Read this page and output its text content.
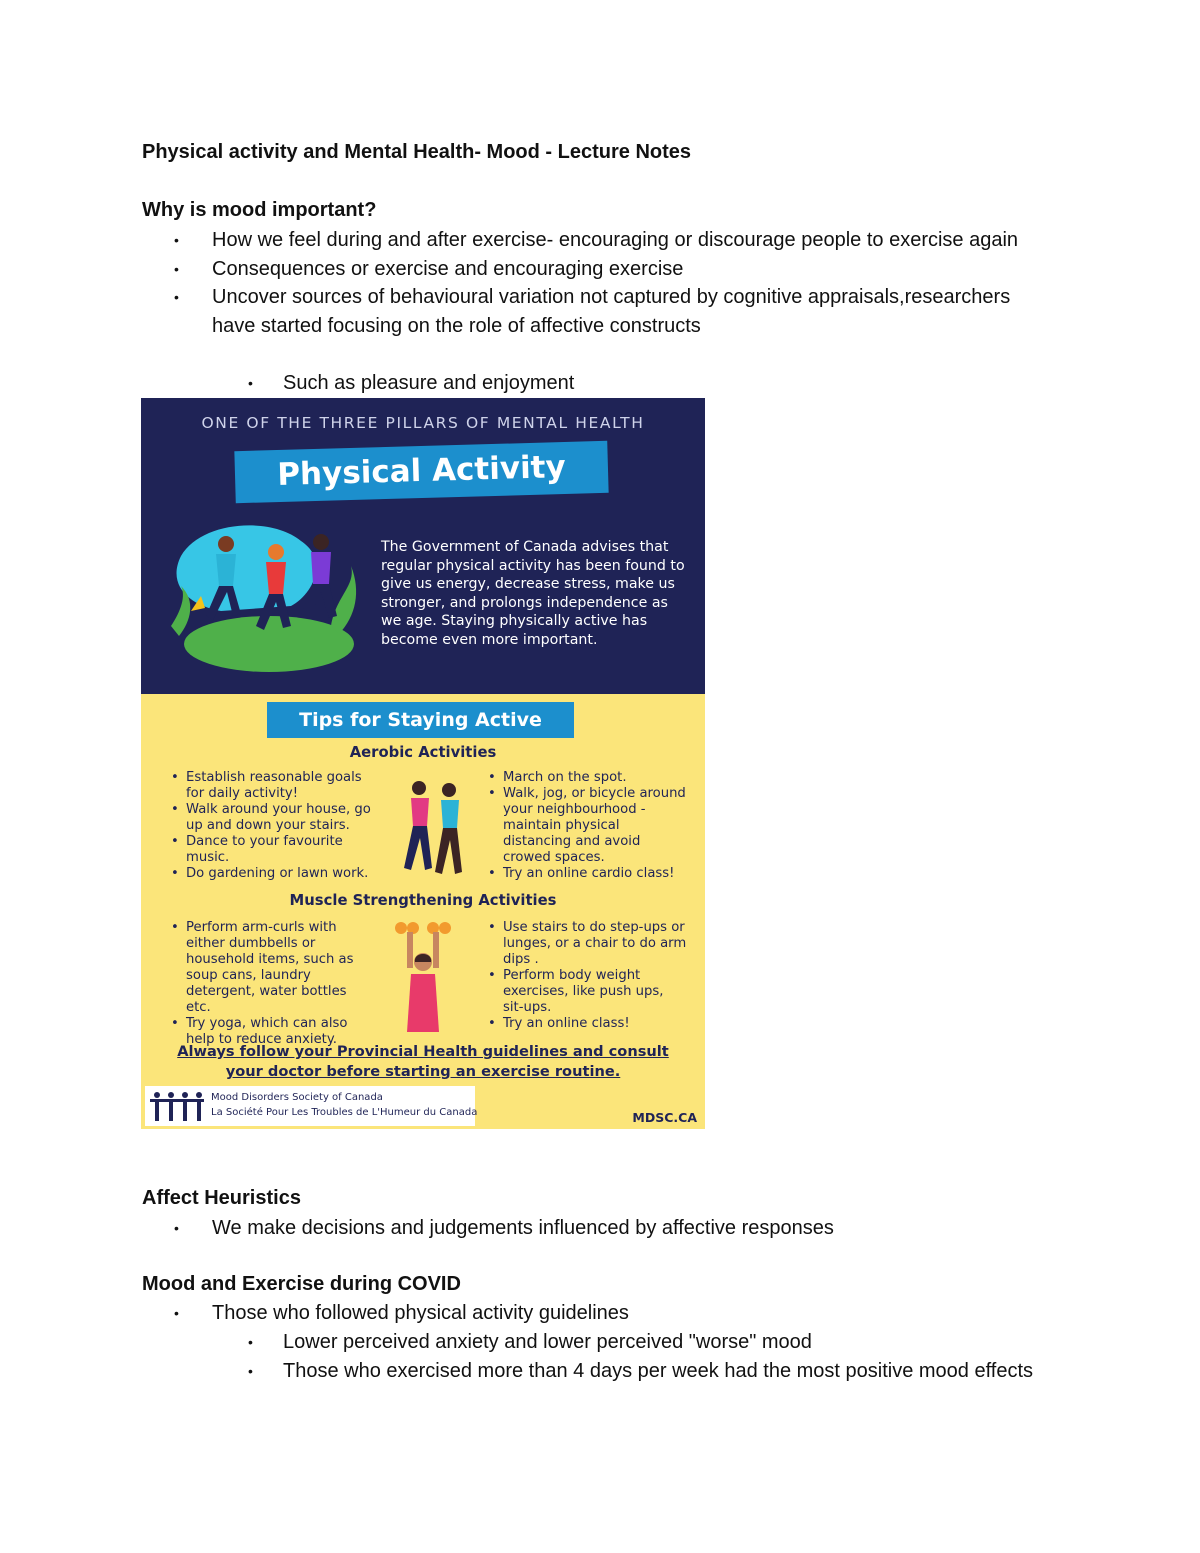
Physical activity and Mental Health- Mood - Lecture Notes
Why is mood important?
• How we feel during and after exercise- encouraging or discourage people to exercise again
• Consequences or exercise and encouraging exercise
• Uncover sources of behavioural variation not captured by cognitive appraisals,researchers have started focusing on the role of affective constructs
• Such as pleasure and enjoyment
ONE OF THE THREE PILLARS OF MENTAL HEALTH
Physical Activity
The Government of Canada advises that regular physical activity has been found to give us energy, decrease stress, make us stronger, and prolongs independence as we age. Staying physically active has become even more important.
Tips for Staying Active
Aerobic Activities
• Establish reasonable goals for daily activity!
• Walk around your house, go up and down your stairs.
• Dance to your favourite music.
• Do gardening or lawn work.
• March on the spot.
• Walk, jog, or bicycle around your neighbourhood - maintain physical distancing and avoid crowed spaces.
• Try an online cardio class!
Muscle Strengthening Activities
• Perform arm-curls with either dumbbells or household items, such as soup cans, laundry detergent, water bottles etc.
• Try yoga, which can also help to reduce anxiety.
• Use stairs to do step-ups or lunges, or a chair to do arm dips .
• Perform body weight exercises, like push ups, sit-ups.
• Try an online class!
Always follow your Provincial Health guidelines and consult your doctor before starting an exercise routine.
Mood Disorders Society of Canada
La Société Pour Les Troubles de L'Humeur du Canada	MDSC.CA
Affect Heuristics
• We make decisions and judgements influenced by affective responses
Mood and Exercise during COVID
• Those who followed physical activity guidelines
• Lower perceived anxiety and lower perceived "worse" mood
• Those who exercised more than 4 days per week had the most positive mood effects
